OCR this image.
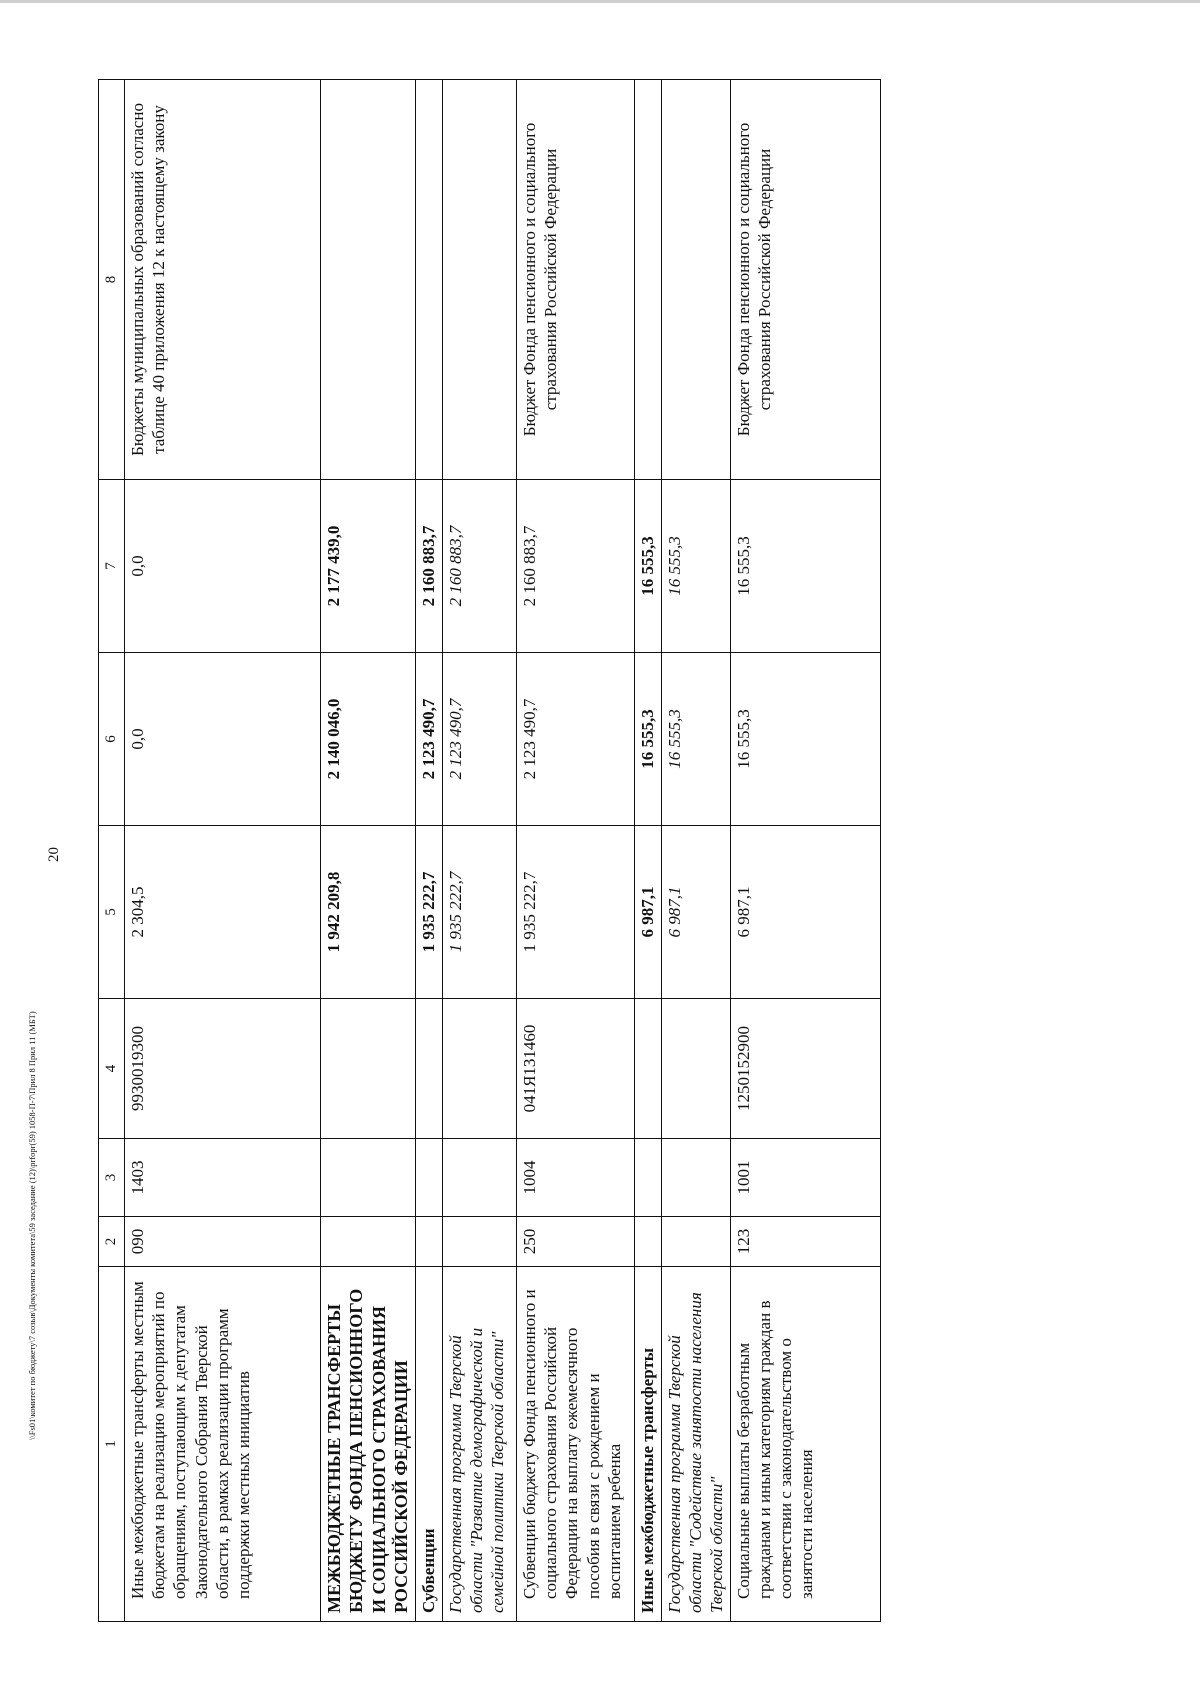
20
\\Fs01\комитет по бюджету\7 созыв\Документы комитета\59 заседание (12)\prfopr(59) 1058-П-7\Прил 8 Прил 11 (МБТ)
1	2	3	4	5	6	7	8
Иные межбюджетные трансферты местным бюджетам на реализацию мероприятий по обращениям, поступающим к депутатам Законодательного Собрания Тверской области, в рамках реализации программ поддержки местных инициатив	090	1403	9930019300	2 304,5	0,0	0,0	Бюджеты муниципальных образований согласно таблице 40 приложения 12 к настоящему закону
МЕЖБЮДЖЕТНЫЕ ТРАНСФЕРТЫ БЮДЖЕТУ ФОНДА ПЕНСИОННОГО И СОЦИАЛЬНОГО СТРАХОВАНИЯ РОССИЙСКОЙ ФЕДЕРАЦИИ				1 942 209,8	2 140 046,0	2 177 439,0	
Субвенции				1 935 222,7	2 123 490,7	2 160 883,7	
Государственная программа Тверской области "Развитие демографической и семейной политики Тверской области"				1 935 222,7	2 123 490,7	2 160 883,7	
Субвенции бюджету Фонда пенсионного и социального страхования Российской Федерации на выплату ежемесячного пособия в связи с рождением и воспитанием ребенка	250	1004	041Я131460	1 935 222,7	2 123 490,7	2 160 883,7	Бюджет Фонда пенсионного и социального страхования Российской Федерации
Иные межбюджетные трансферты				6 987,1	16 555,3	16 555,3	
Государственная программа Тверской области "Содействие занятости населения Тверской области"				6 987,1	16 555,3	16 555,3	
Социальные выплаты безработным гражданам и иным категориям граждан в соответствии с законодательством о занятости населения	123	1001	1250152900	6 987,1	16 555,3	16 555,3	Бюджет Фонда пенсионного и социального страхования Российской Федерации
